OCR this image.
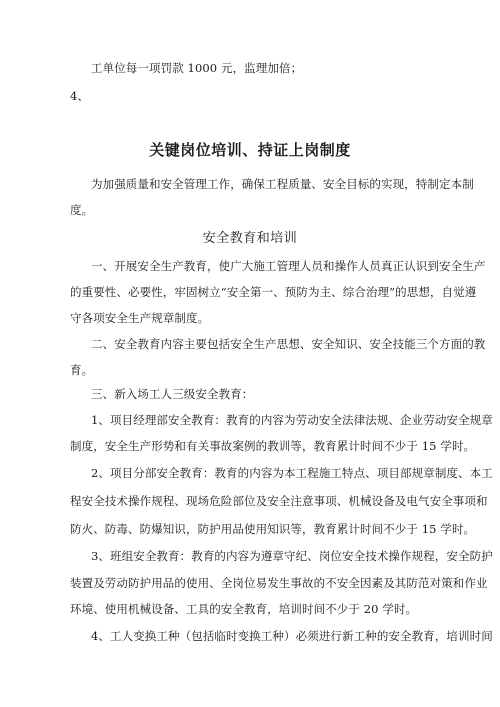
工单位每一项罚款 1000 元，监理加倍；
4、
关键岗位培训、持证上岗制度
为加强质量和安全管理工作，确保工程质量、安全目标的实现，特制定本制
度。
安全教育和培训
一、开展安全生产教育，使广大施工管理人员和操作人员真正认识到安全生产
的重要性、必要性，牢固树立“安全第一、预防为主、综合治理”的思想，自觉遵
守各项安全生产规章制度。
二、安全教育内容主要包括安全生产思想、安全知识、安全技能三个方面的教
育。
三、新入场工人三级安全教育：
1、项目经理部安全教育：教育的内容为劳动安全法律法规、企业劳动安全规章
制度，安全生产形势和有关事故案例的教训等，教育累计时间不少于 15 学时。
2、项目分部安全教育：教育的内容为本工程施工特点、项目部规章制度、本工
程安全技术操作规程、现场危险部位及安全注意事项、机械设备及电气安全事项和
防火、防毒、防爆知识，防护用品使用知识等，教育累计时间不少于 15 学时。
3、班组安全教育：教育的内容为遵章守纪、岗位安全技术操作规程，安全防护
装置及劳动防护用品的使用、全岗位易发生事故的不安全因素及其防范对策和作业
环境、使用机械设备、工具的安全教育，培训时间不少于 20 学时。
4、工人变换工种（包括临时变换工种）必须进行新工种的安全教育，培训时间
